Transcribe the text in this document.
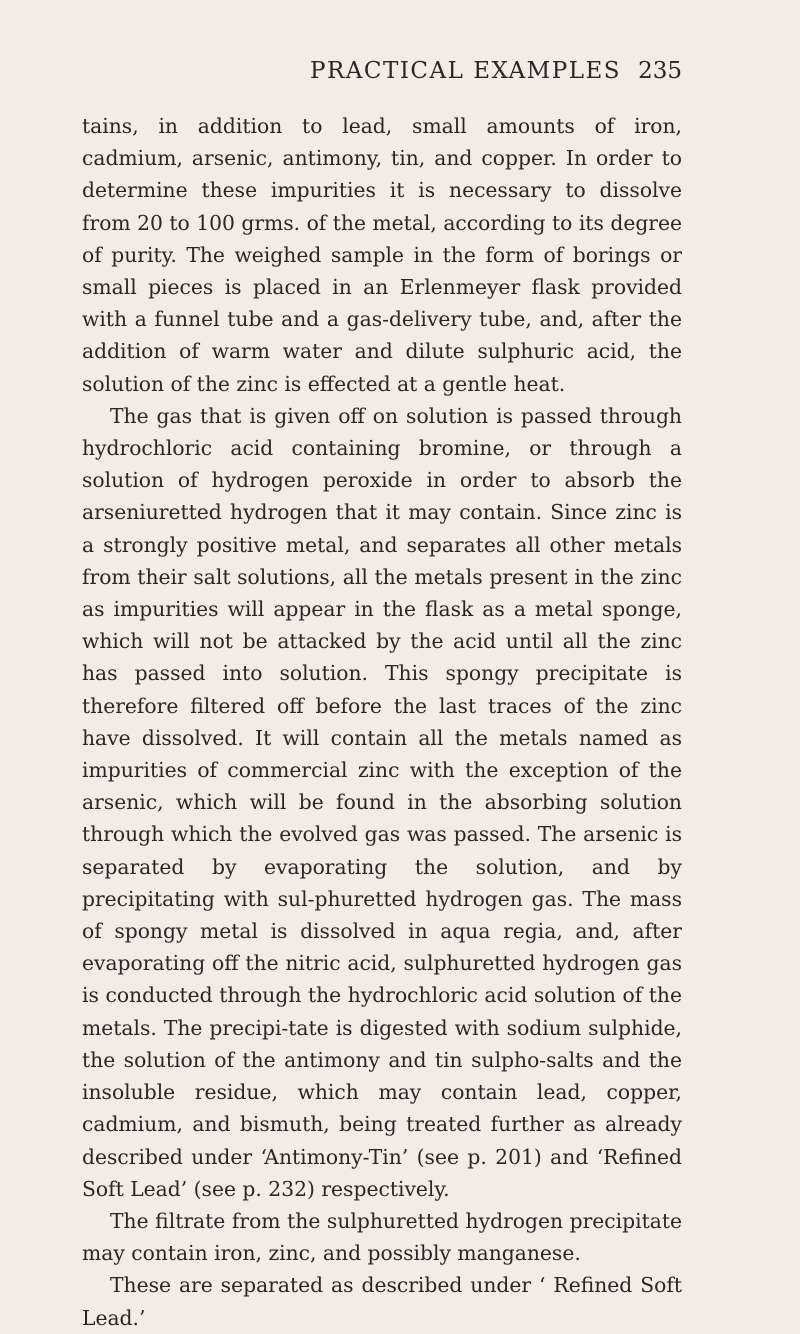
PRACTICAL EXAMPLES 235

tains, in addition to lead, small amounts of iron, cadmium, arsenic, antimony, tin, and copper. In order to determine these impurities it is necessary to dissolve from 20 to 100 grms. of the metal, according to its degree of purity. The weighed sample in the form of borings or small pieces is placed in an Erlenmeyer flask provided with a funnel tube and a gas-delivery tube, and, after the addition of warm water and dilute sulphuric acid, the solution of the zinc is effected at a gentle heat.

The gas that is given off on solution is passed through hydrochloric acid containing bromine, or through a solution of hydrogen peroxide in order to absorb the arseniuretted hydrogen that it may contain. Since zinc is a strongly positive metal, and separates all other metals from their salt solutions, all the metals present in the zinc as impurities will appear in the flask as a metal sponge, which will not be attacked by the acid until all the zinc has passed into solution. This spongy precipitate is therefore filtered off before the last traces of the zinc have dissolved. It will contain all the metals named as impurities of commercial zinc with the exception of the arsenic, which will be found in the absorbing solution through which the evolved gas was passed. The arsenic is separated by evaporating the solution, and by precipitating with sul-phuretted hydrogen gas. The mass of spongy metal is dissolved in aqua regia, and, after evaporating off the nitric acid, sulphuretted hydrogen gas is conducted through the hydrochloric acid solution of the metals. The precipi-tate is digested with sodium sulphide, the solution of the antimony and tin sulpho-salts and the insoluble residue, which may contain lead, copper, cadmium, and bismuth, being treated further as already described under ‘Antimony-Tin’ (see p. 201) and ‘Refined Soft Lead’ (see p. 232) respectively.

The filtrate from the sulphuretted hydrogen precipitate may contain iron, zinc, and possibly manganese.

These are separated as described under ‘ Refined Soft Lead.’
